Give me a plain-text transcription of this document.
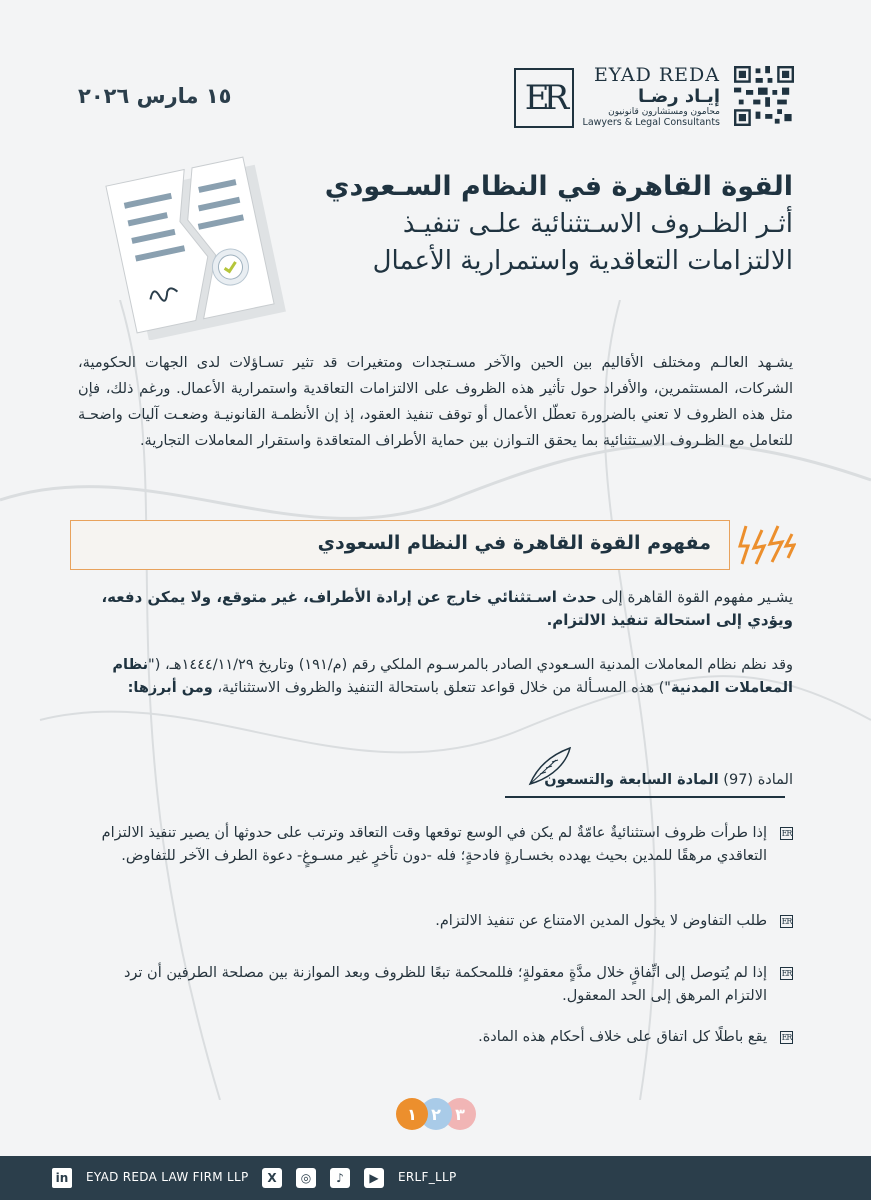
١٥ مارس ٢٠٢٦	ER
EYAD REDA
إيـاد رضـا
محامون ومستشارون قانونيون
Lawyers & Legal Consultants
القوة القاهرة في النظام السـعودي
أثـر الظـروف الاسـتثنائية علـى تنفيـذ
الالتزامات التعاقدية واستمرارية الأعمال

يشـهد العالـم ومختلف الأقاليم بين الحين والآخر مسـتجدات ومتغيرات قد تثير تسـاؤلات لدى الجهات الحكومية، الشركات، المستثمرين، والأفراد حول تأثير هذه الظروف على الالتزامات التعاقدية واستمرارية الأعمال. ورغم ذلك، فإن مثل هذه الظروف لا تعني بالضرورة تعطّل الأعمال أو توقف تنفيذ العقود، إذ إن الأنظمـة القانونيـة وضعـت آليات واضحـة للتعامل مع الظـروف الاسـتثنائية بما يحقق التـوازن بين حماية الأطراف المتعاقدة واستقرار المعاملات التجارية.

مفهوم القوة القاهرة في النظام السعودي

يشـير مفهوم القوة القاهرة إلى حدث اسـتثنائي خارج عن إرادة الأطراف، غير متوقع، ولا يمكن دفعه، ويؤدي إلى استحالة تنفيذ الالتزام.

وقد نظم نظام المعاملات المدنية السـعودي الصادر بالمرسـوم الملكي رقم (م/١٩١) وتاريخ ١٤٤٤/١١/٢٩هـ، ("نظام المعاملات المدنية") هذه المسـألة من خلال قواعد تتعلق باستحالة التنفيذ والظروف الاستثنائية، ومن أبرزها:

المادة (97) المادة السابعة والتسعون
ER
إذا طرأت ظروف استثنائيةٌ عامّةٌ لم يكن في الوسع توقعها وقت التعاقد وترتب على حدوثها أن يصير تنفيذ الالتزام التعاقدي مرهقًا للمدين بحيث يهدده بخسـارةٍ فادحةٍ؛ فله -دون تأخرٍ غير مسـوغٍ- دعوة الطرف الآخر للتفاوض.
ER
طلب التفاوض لا يخول المدين الامتناع عن تنفيذ الالتزام.
ER
إذا لم يُتوصل إلى اتِّفاقٍ خلال مدَّةٍ معقولةٍ؛ فللمحكمة تبعًا للظروف وبعد الموازنة بين مصلحة الطرفين أن ترد الالتزام المرهق إلى الحد المعقول.
ER
يقع باطلًا كل اتفاق على خلاف أحكام هذه المادة.
٣
٢
١
in	EYAD REDA LAW FIRM LLP	X	◎	♪	▶	ERLF_LLP
